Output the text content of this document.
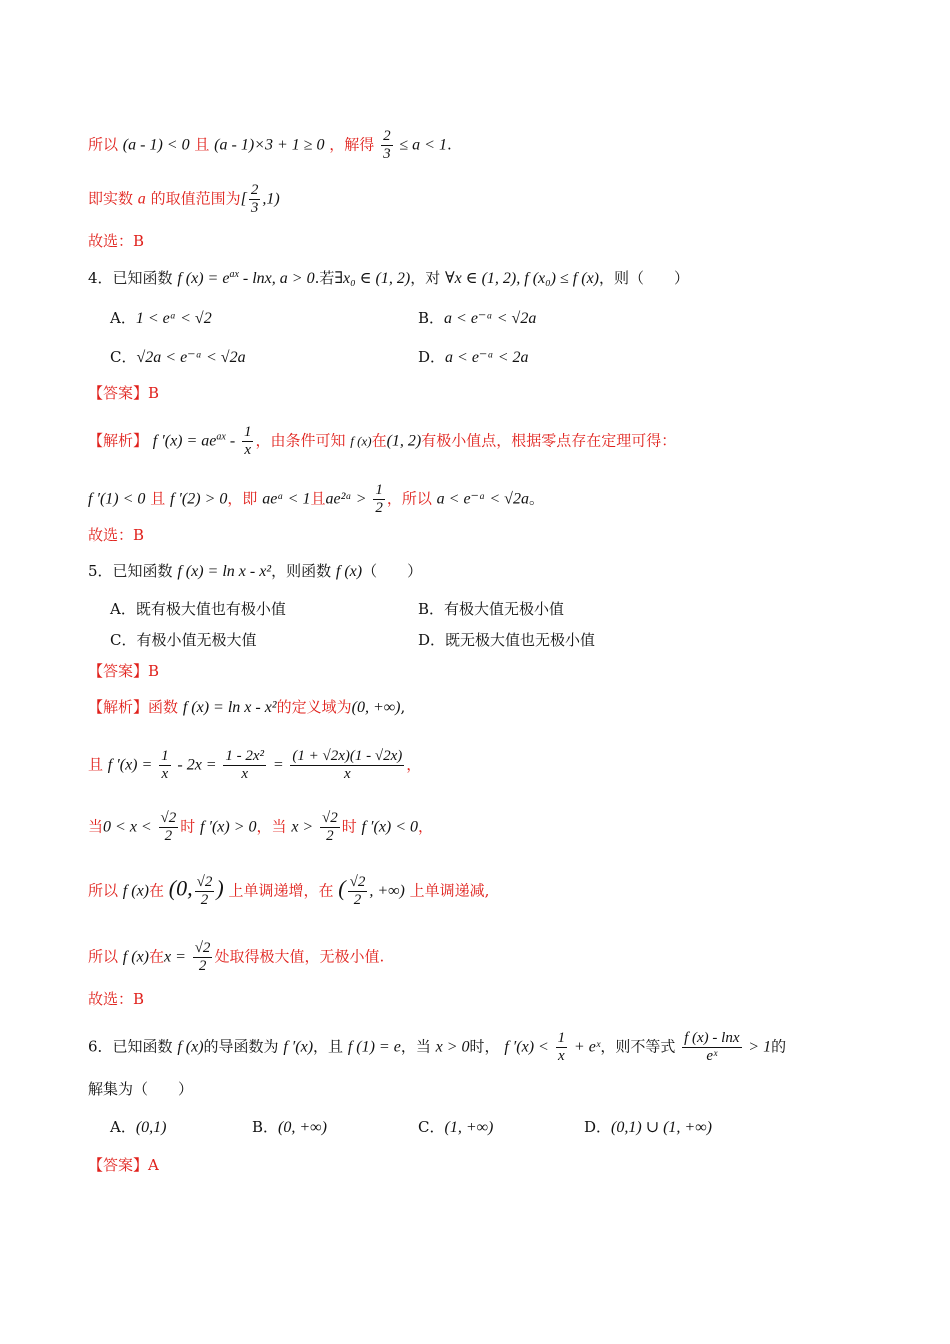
所以 (a - 1) < 0 且 (a - 1)×3 + 1 ≥ 0 ，解得 $\frac{2}{3} \le a < 1$.
即实数 a 的取值范围为[ $\frac{2}{3} ,1$)
故选：B
4．已知函数 f $(x) = e^{ax} - \ln x$, a > 0.若∃x₀ ∈ (1, 2)，对 ∀x ∈ (1, 2), f (x₀) ≤ f (x)，则（　　）
A．1 < eᵃ < √2	B．a < e⁻ᵃ < √2a
C．√2a < e⁻ᵃ < √2a	D．a < e⁻ᵃ < 2a
【答案】B
【解析】 f $'(x) = ae^{ax} - \frac{1}{x}$ ，由条件可知 f (x)在(1, 2)有极小值点，根据零点存在定理可得：
f ′(1) < 0 且 f ′(2) > 0，即 aeᵃ < 1且ae²ᵃ > $\frac{1}{2}$ ，所以 a < e⁻ᵃ < √2a。
故选：B
5．已知函数 f (x) = ln x - x²，则函数 f (x)（　　）
A．既有极大值也有极小值	B．有极大值无极小值
C．有极小值无极大值	D．既无极大值也无极小值
【答案】B
【解析】函数 f (x) = ln x - x²的定义域为(0, +∞),
且 f $'(x) = \frac{1}{x} - 2x = \frac{\text{1 - 2x²}}{x} = \frac{(1 + √2x)(1 - √2x)}{x}$ ，
当$0 < x < \frac{√2}{2}$ 时 f ′(x) > 0，当 $x > \frac{√2}{2}$ 时 f ′(x) < 0，
所以 f (x)在 (0, $\frac{√2}{2}$ ) 上单调递增，在 ( $\frac{√2}{2}$ , +∞) 上单调递减,
所以 f (x)在$x = \frac{√2}{2}$ 处取得极大值，无极小值.
故选：B
6．已知函数 f (x)的导函数为 f ′(x)，且 f (1) = e，当 x > 0时， f $'(x) < \frac{1}{x}$ + eˣ，则不等式 $\frac{f (x) - \ln x}{\text{eˣ}} > 1$的
解集为（　　）
A．(0,1)	B．(0, +∞)	C．(1, +∞)	D．(0,1) ∪ (1, +∞)
【答案】A
